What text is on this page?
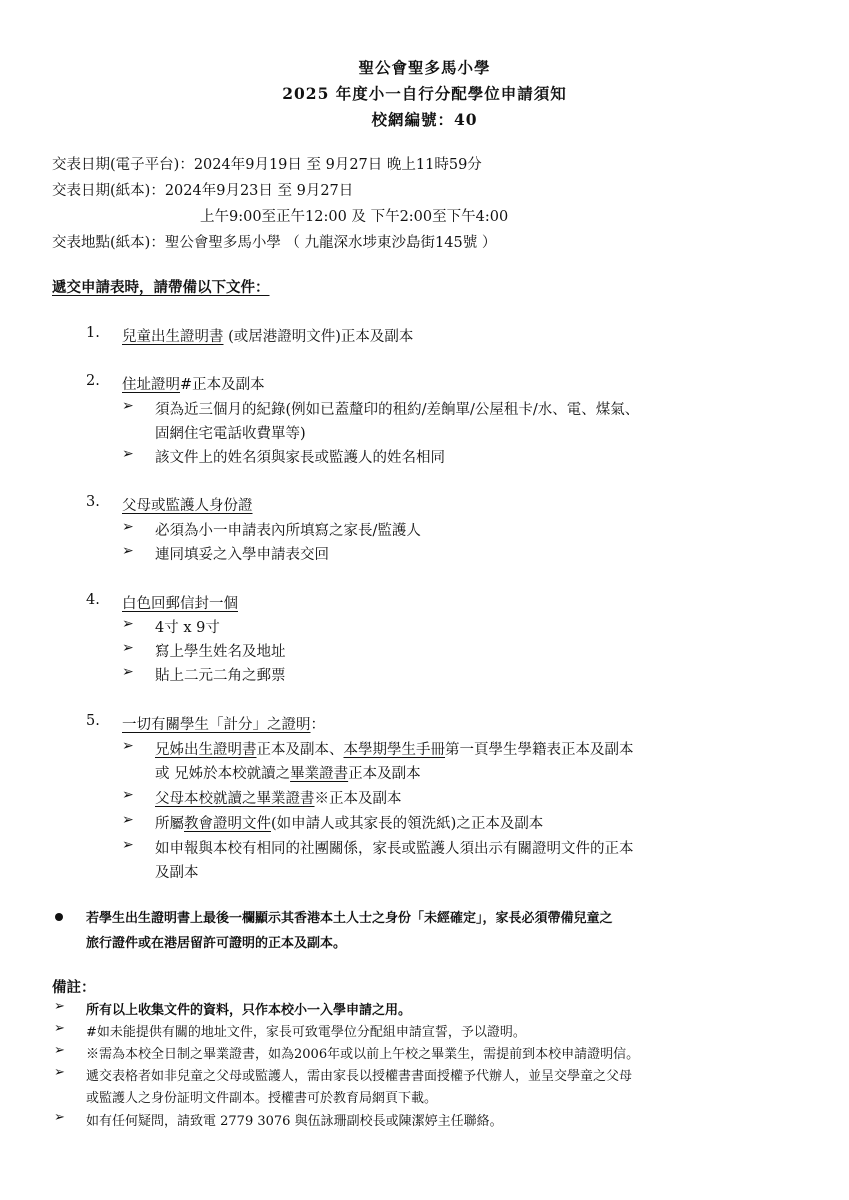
聖公會聖多馬小學
2025 年度小一自行分配學位申請須知
校網編號：40
交表日期(電子平台)：2024年9月19日 至 9月27日 晚上11時59分
交表日期(紙本)：2024年9月23日 至 9月27日
上午9:00至正午12:00 及 下午2:00至下午4:00
交表地點(紙本)：聖公會聖多馬小學 （ 九龍深水埗東沙島街145號 ）
遞交申請表時，請帶備以下文件：
1. 兒童出生證明書 (或居港證明文件)正本及副本
2. 住址證明#正本及副本
➢ 須為近三個月的紀錄(例如已蓋釐印的租約/差餉單/公屋租卡/水、電、煤氣、
固網住宅電話收費單等)
➢ 該文件上的姓名須與家長或監護人的姓名相同
3. 父母或監護人身份證
➢ 必須為小一申請表內所填寫之家長/監護人
➢ 連同填妥之入學申請表交回
4. 白色回郵信封一個
➢ 4寸 x 9寸
➢ 寫上學生姓名及地址
➢ 貼上二元二角之郵票
5. 一切有關學生「計分」之證明：
➢ 兄姊出生證明書正本及副本、本學期學生手冊第一頁學生學籍表正本及副本
或 兄姊於本校就讀之畢業證書正本及副本
➢ 父母本校就讀之畢業證書※正本及副本
➢ 所屬教會證明文件(如申請人或其家長的領洗紙)之正本及副本
➢ 如申報與本校有相同的社團關係，家長或監護人須出示有關證明文件的正本
及副本
若學生出生證明書上最後一欄顯示其香港本土人士之身份「未經確定」，家長必須帶備兒童之
旅行證件或在港居留許可證明的正本及副本。
備註：
➢ 所有以上收集文件的資料，只作本校小一入學申請之用。
➢ #如未能提供有關的地址文件，家長可致電學位分配組申請宣誓，予以證明。
➢ ※需為本校全日制之畢業證書，如為2006年或以前上午校之畢業生，需提前到本校申請證明信。
➢ 遞交表格者如非兒童之父母或監護人，需由家長以授權書書面授權予代辦人，並呈交學童之父母
或監護人之身份証明文件副本。授權書可於教育局網頁下載。
➢ 如有任何疑問，請致電 2779 3076 與伍詠珊副校長或陳潔婷主任聯絡。
